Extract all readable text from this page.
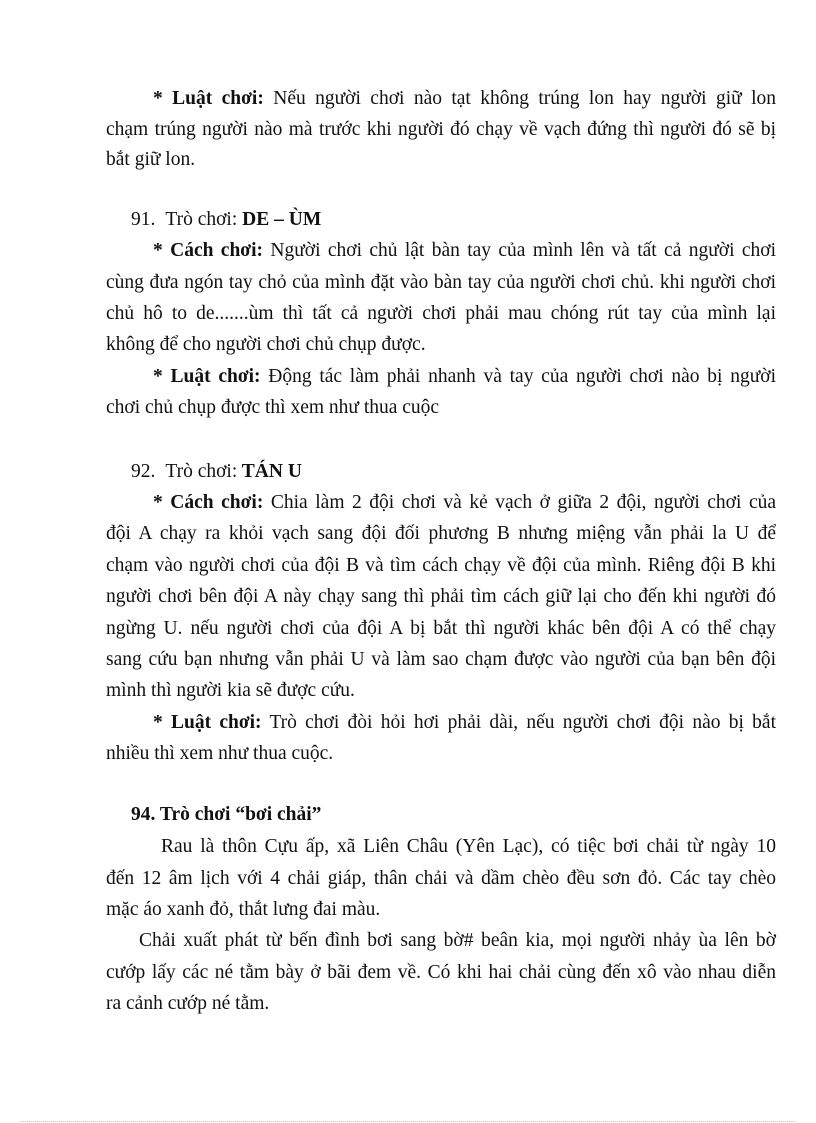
* Luật chơi: Nếu người chơi nào tạt không trúng lon hay người giữ lon
chạm trúng người nào mà trước khi người đó chạy về vạch đứng thì người đó sẽ bị
bắt giữ lon.
91. Trò chơi: DE – ÙM
* Cách chơi: Người chơi chủ lật bàn tay của mình lên và tất cả người chơi
cùng đưa ngón tay chỏ của mình đặt vào bàn tay của người chơi chủ. khi người chơi
chủ hô to de.......ùm thì tất cả người chơi phải mau chóng rút tay của mình lại
không để cho người chơi chủ chụp được.
* Luật chơi: Động tác làm phải nhanh và tay của người chơi nào bị người
chơi chủ chụp được thì xem như thua cuộc
92. Trò chơi: TÁN U
* Cách chơi: Chia làm 2 đội chơi và kẻ vạch ở giữa 2 đội, người chơi của
đội A chạy ra khỏi vạch sang đội đối phương B nhưng miệng vẫn phải la U để
chạm vào người chơi của đội B và tìm cách chạy về đội của mình. Riêng đội B khi
người chơi bên đội A này chạy sang thì phải tìm cách giữ lại cho đến khi người đó
ngừng U. nếu người chơi của đội A bị bắt thì người khác bên đội A có thể chạy
sang cứu bạn nhưng vẫn phải U và làm sao chạm được vào người của bạn bên đội
mình thì người kia sẽ được cứu.
* Luật chơi: Trò chơi đòi hỏi hơi phải dài, nếu người chơi đội nào bị bắt
nhiều thì xem như thua cuộc.
94. Trò chơi “bơi chải”
Rau là thôn Cựu ấp, xã Liên Châu (Yên Lạc), có tiệc bơi chải từ ngày 10
đến 12 âm lịch với 4 chải giáp, thân chải và dầm chèo đều sơn đỏ. Các tay chèo
mặc áo xanh đỏ, thắt lưng đai màu.
Chải xuất phát từ bến đình bơi sang bờ# beân kia, mọi người nhảy ùa lên bờ
cướp lấy các né tằm bày ở bãi đem về. Có khi hai chải cùng đến xô vào nhau diễn
ra cảnh cướp né tằm.
